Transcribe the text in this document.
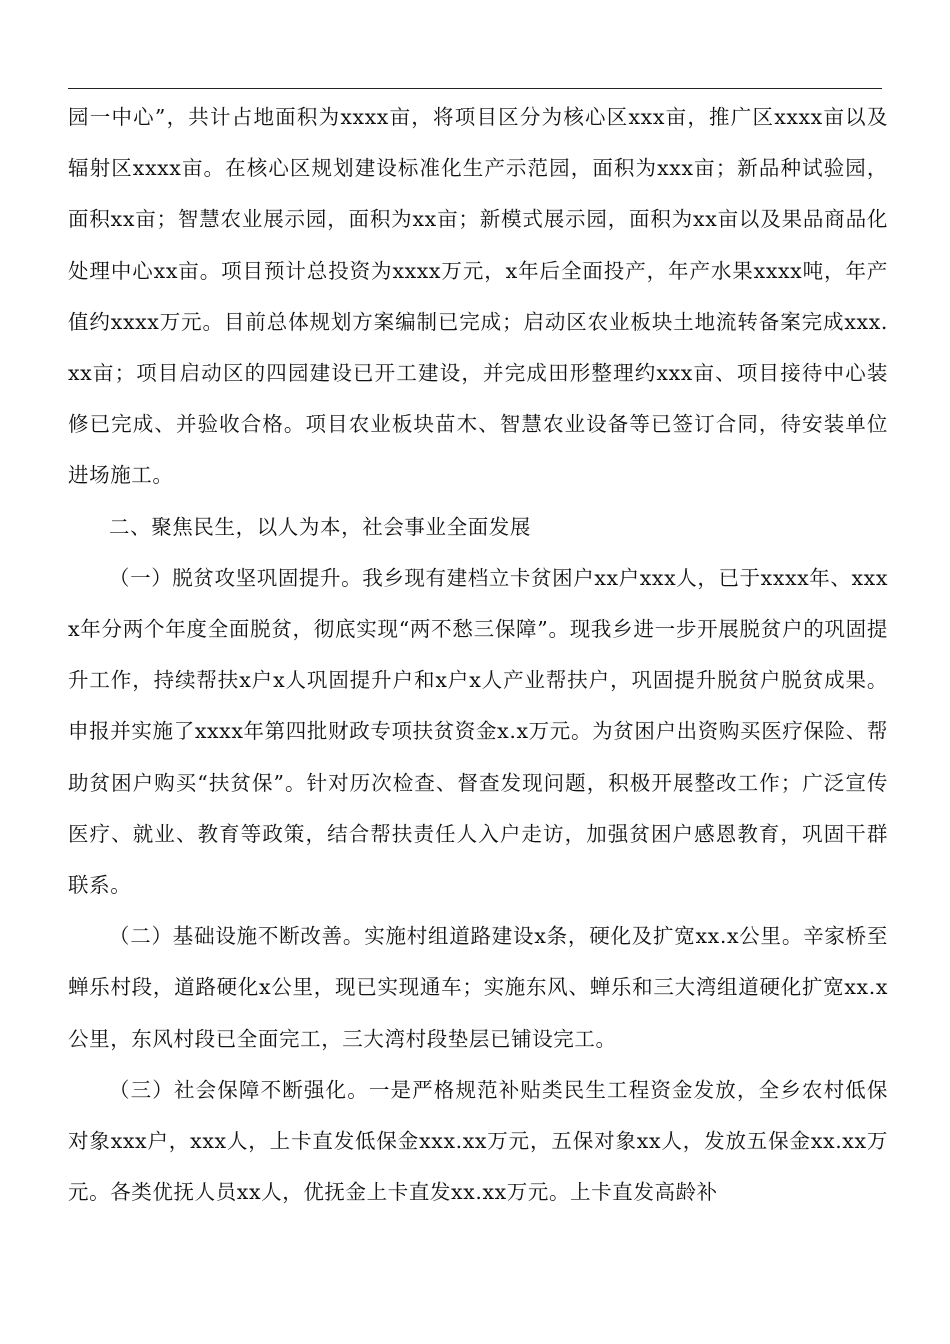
园一中心”，共计占地面积为xxxx亩，将项目区分为核心区xxx亩，推广区xxxx亩以及辐射区xxxx亩。在核心区规划建设标准化生产示范园，面积为xxx亩；新品种试验园，面积xx亩；智慧农业展示园，面积为xx亩；新模式展示园，面积为xx亩以及果品商品化处理中心xx亩。项目预计总投资为xxxx万元，x年后全面投产，年产水果xxxx吨，年产值约xxxx万元。目前总体规划方案编制已完成；启动区农业板块土地流转备案完成xxx.xx亩；项目启动区的四园建设已开工建设，并完成田形整理约xxx亩、项目接待中心装修已完成、并验收合格。项目农业板块苗木、智慧农业设备等已签订合同，待安装单位进场施工。

二、聚焦民生，以人为本，社会事业全面发展

（一）脱贫攻坚巩固提升。我乡现有建档立卡贫困户xx户xxx人，已于xxxx年、xxxx年分两个年度全面脱贫，彻底实现“两不愁三保障”。现我乡进一步开展脱贫户的巩固提升工作，持续帮扶x户x人巩固提升户和x户x人产业帮扶户，巩固提升脱贫户脱贫成果。申报并实施了xxxx年第四批财政专项扶贫资金x.x万元。为贫困户出资购买医疗保险、帮助贫困户购买“扶贫保”。针对历次检查、督查发现问题，积极开展整改工作；广泛宣传医疗、就业、教育等政策，结合帮扶责任人入户走访，加强贫困户感恩教育，巩固干群联系。

（二）基础设施不断改善。实施村组道路建设x条，硬化及扩宽xx.x公里。辛家桥至蝉乐村段，道路硬化x公里，现已实现通车；实施东风、蝉乐和三大湾组道硬化扩宽xx.x公里，东风村段已全面完工，三大湾村段垫层已铺设完工。

（三）社会保障不断强化。一是严格规范补贴类民生工程资金发放，全乡农村低保对象xxx户，xxx人，上卡直发低保金xxx.xx万元，五保对象xx人，发放五保金xx.xx万元。各类优抚人员xx人，优抚金上卡直发xx.xx万元。上卡直发高龄补
